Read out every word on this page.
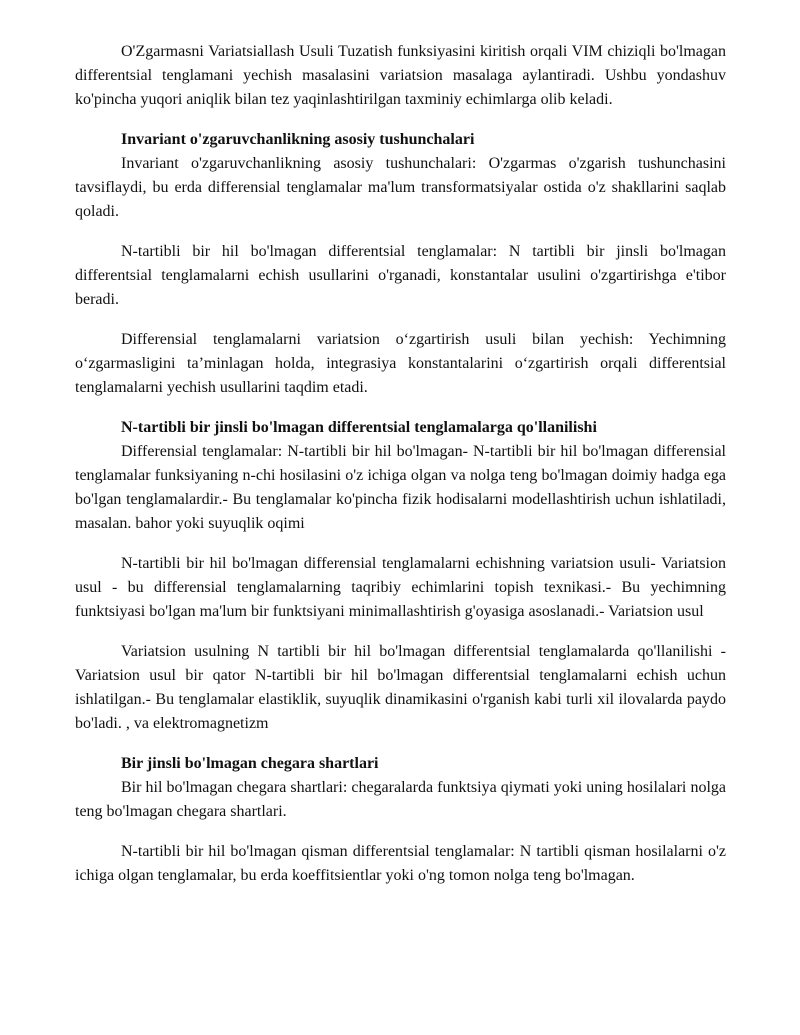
O'Zgarmasni Variatsiallash Usuli Tuzatish funksiyasini kiritish orqali VIM chiziqli bo'lmagan differentsial tenglamani yechish masalasini variatsion masalaga aylantiradi. Ushbu yondashuv ko'pincha yuqori aniqlik bilan tez yaqinlashtirilgan taxminiy echimlarga olib keladi.

Invariant o'zgaruvchanlikning asosiy tushunchalari

Invariant o'zgaruvchanlikning asosiy tushunchalari: O'zgarmas o'zgarish tushunchasini tavsiflaydi, bu erda differensial tenglamalar ma'lum transformatsiyalar ostida o'z shakllarini saqlab qoladi.

N-tartibli bir hil bo'lmagan differentsial tenglamalar: N tartibli bir jinsli bo'lmagan differentsial tenglamalarni echish usullarini o'rganadi, konstantalar usulini o'zgartirishga e'tibor beradi.

Differensial tenglamalarni variatsion o‘zgartirish usuli bilan yechish: Yechimning o‘zgarmasligini ta’minlagan holda, integrasiya konstantalarini o‘zgartirish orqali differentsial tenglamalarni yechish usullarini taqdim etadi.

N-tartibli bir jinsli bo'lmagan differentsial tenglamalarga qo'llanilishi

Differensial tenglamalar: N-tartibli bir hil bo'lmagan- N-tartibli bir hil bo'lmagan differensial tenglamalar funksiyaning n-chi hosilasini o'z ichiga olgan va nolga teng bo'lmagan doimiy hadga ega bo'lgan tenglamalardir.- Bu tenglamalar ko'pincha fizik hodisalarni modellashtirish uchun ishlatiladi, masalan. bahor yoki suyuqlik oqimi

N-tartibli bir hil bo'lmagan differensial tenglamalarni echishning variatsion usuli- Variatsion usul - bu differensial tenglamalarning taqribiy echimlarini topish texnikasi.- Bu yechimning funktsiyasi bo'lgan ma'lum bir funktsiyani minimallashtirish g'oyasiga asoslanadi.- Variatsion usul

Variatsion usulning N tartibli bir hil bo'lmagan differentsial tenglamalarda qo'llanilishi - Variatsion usul bir qator N-tartibli bir hil bo'lmagan differentsial tenglamalarni echish uchun ishlatilgan.- Bu tenglamalar elastiklik, suyuqlik dinamikasini o'rganish kabi turli xil ilovalarda paydo bo'ladi. , va elektromagnetizm

Bir jinsli bo'lmagan chegara shartlari

Bir hil bo'lmagan chegara shartlari: chegaralarda funktsiya qiymati yoki uning hosilalari nolga teng bo'lmagan chegara shartlari.

N-tartibli bir hil bo'lmagan qisman differentsial tenglamalar: N tartibli qisman hosilalarni o'z ichiga olgan tenglamalar, bu erda koeffitsientlar yoki o'ng tomon nolga teng bo'lmagan.
